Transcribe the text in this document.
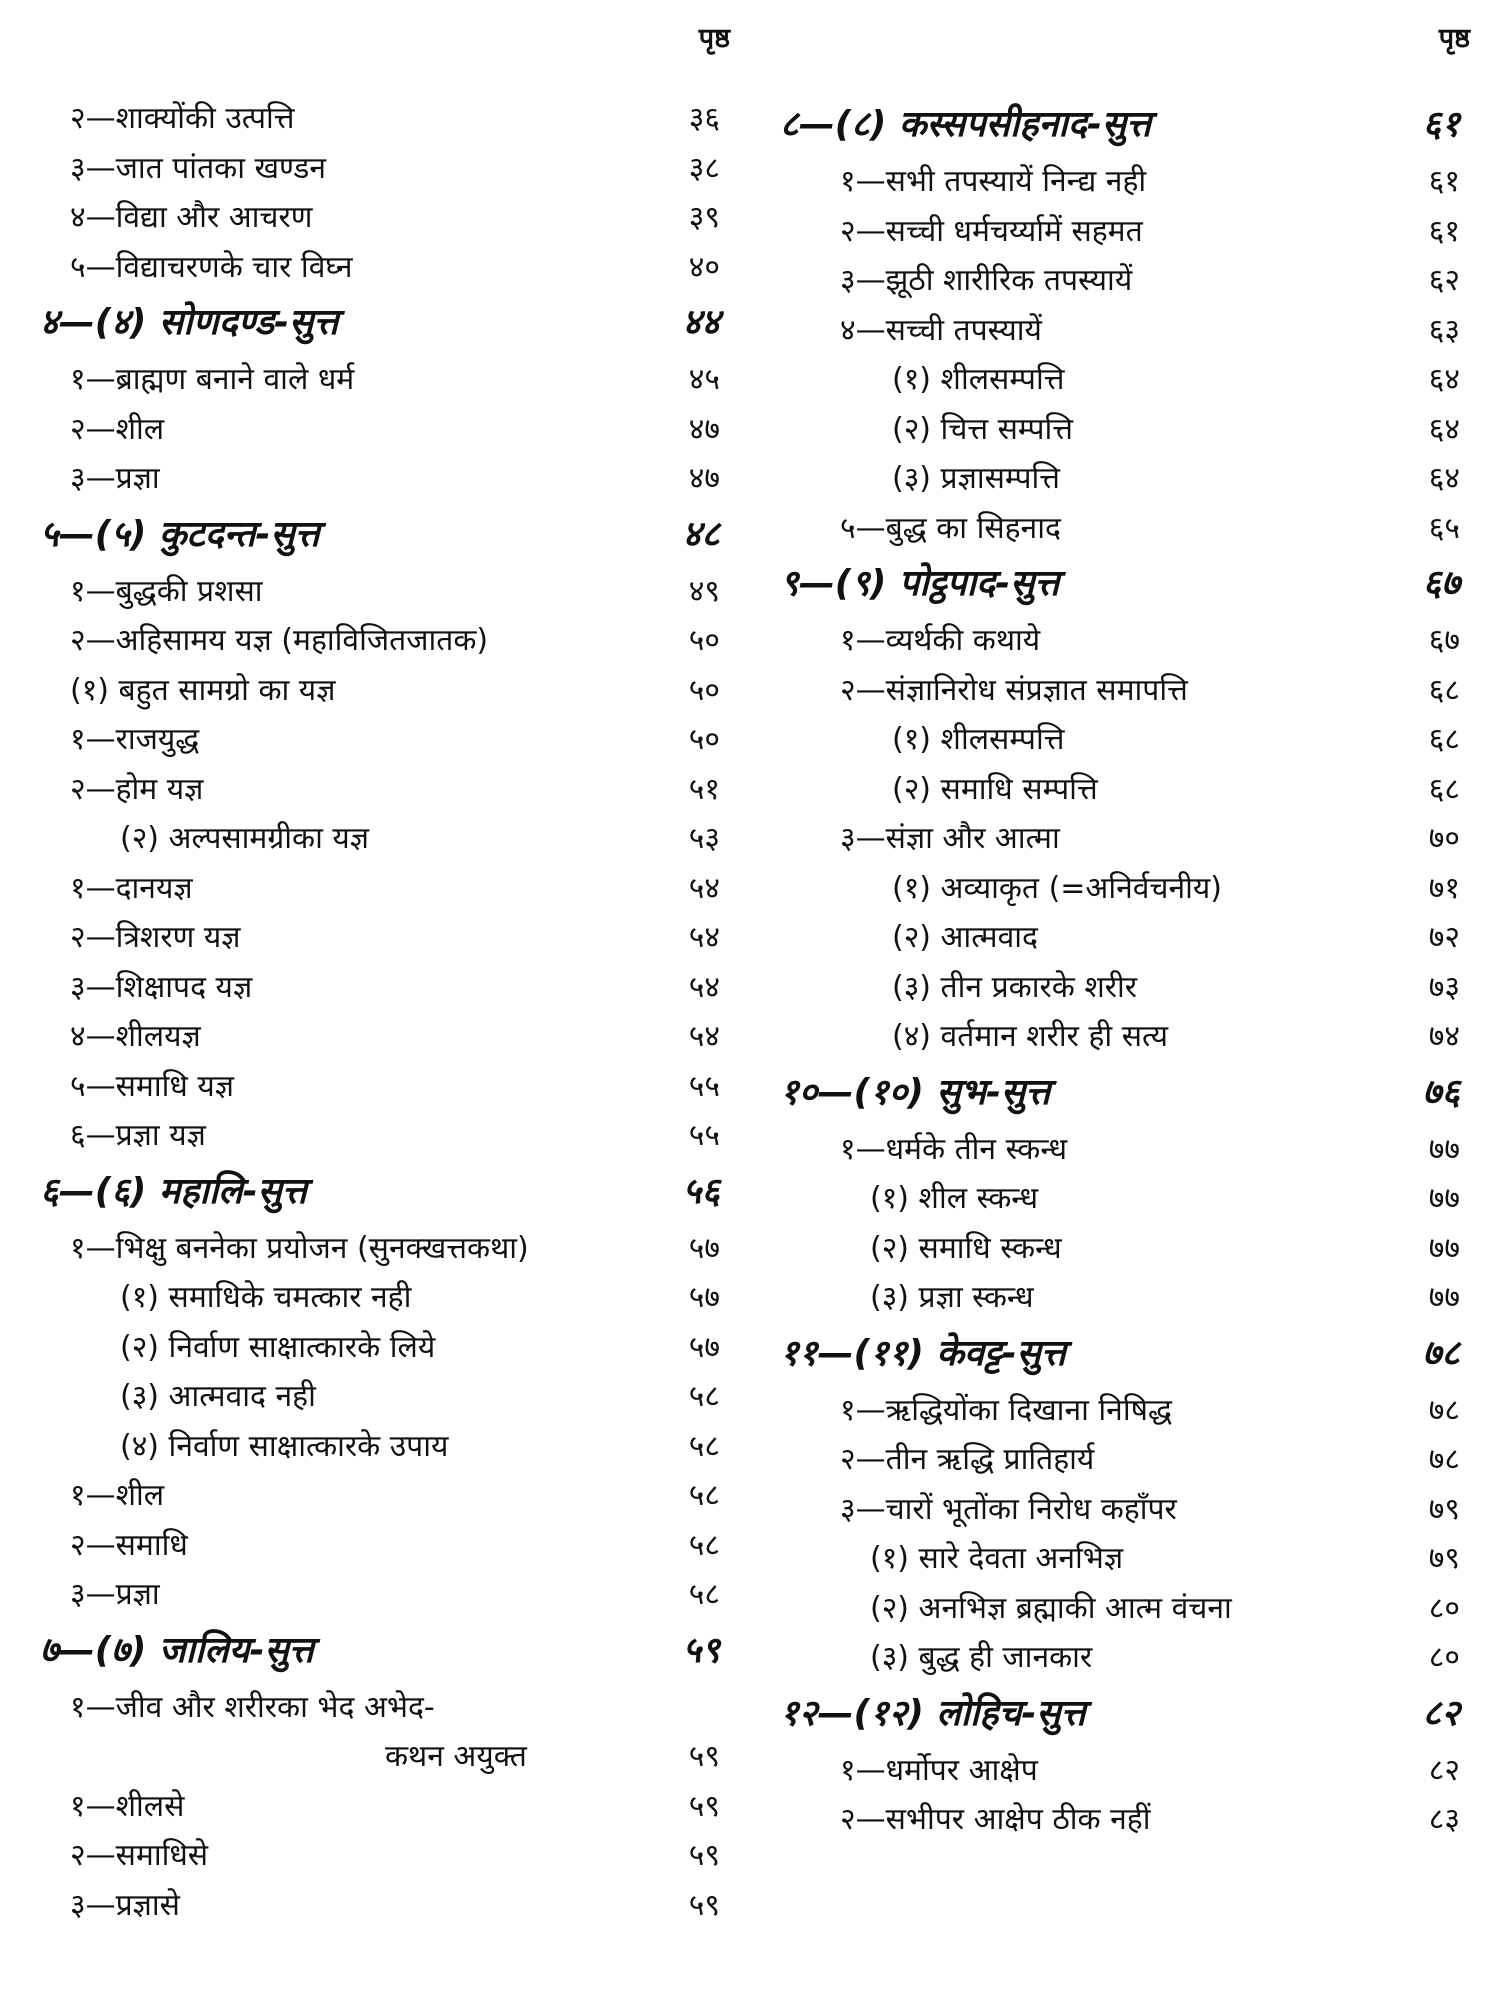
पृष्ठ
२—शाक्योंकी उत्पत्ति	३६
३—जात पांतका खण्डन	३८
४—विद्या और आचरण	३९
५—विद्याचरणके चार विघ्न	४०
४—(४) सोणदण्ड-सुत्त	४४
१—ब्राह्मण बनाने वाले धर्म	४५
२—शील	४७
३—प्रज्ञा	४७
५—(५) कुटदन्त-सुत्त	४८
१—बुद्धकी प्रशसा	४९
२—अहिसामय यज्ञ (महाविजितजातक)	५०
(१) बहुत सामग्रो का यज्ञ	५०
१—राजयुद्ध	५०
२—होम यज्ञ	५१
(२) अल्पसामग्रीका यज्ञ	५३
१—दानयज्ञ	५४
२—त्रिशरण यज्ञ	५४
३—शिक्षापद यज्ञ	५४
४—शीलयज्ञ	५४
५—समाधि यज्ञ	५५
६—प्रज्ञा यज्ञ	५५
६—(६) महालि-सुत्त	५६
१—भिक्षु बननेका प्रयोजन (सुनक्खत्तकथा)	५७
(१) समाधिके चमत्कार नही	५७
(२) निर्वाण साक्षात्कारके लिये	५७
(३) आत्मवाद नही	५८
(४) निर्वाण साक्षात्कारके उपाय	५८
१—शील	५८
२—समाधि	५८
३—प्रज्ञा	५८
७—(७) जालिय-सुत्त	५९
१—जीव और शरीरका भेद अभेद-
कथन अयुक्त	५९
१—शीलसे	५९
२—समाधिसे	५९
३—प्रज्ञासे	५९
पृष्ठ
८—(८) कस्सपसीहनाद-सुत्त	६१
१—सभी तपस्यायें निन्द्य नही	६१
२—सच्ची धर्मचर्य्यामें सहमत	६१
३—झूठी शारीरिक तपस्यायें	६२
४—सच्ची तपस्यायें	६३
(१) शीलसम्पत्ति	६४
(२) चित्त सम्पत्ति	६४
(३) प्रज्ञासम्पत्ति	६४
५—बुद्ध का सिहनाद	६५
९—(९) पोट्ठपाद-सुत्त	६७
१—व्यर्थकी कथाये	६७
२—संज्ञानिरोध संप्रज्ञात समापत्ति	६८
(१) शीलसम्पत्ति	६८
(२) समाधि सम्पत्ति	६८
३—संज्ञा और आत्मा	७०
(१) अव्याकृत (=अनिर्वचनीय)	७१
(२) आत्मवाद	७२
(३) तीन प्रकारके शरीर	७३
(४) वर्तमान शरीर ही सत्य	७४
१०—(१०) सुभ-सुत्त	७६
१—धर्मके तीन स्कन्ध	७७
(१) शील स्कन्ध	७७
(२) समाधि स्कन्ध	७७
(३) प्रज्ञा स्कन्ध	७७
११—(११) केवट्ट-सुत्त	७८
१—ऋद्धियोंका दिखाना निषिद्ध	७८
२—तीन ऋद्धि प्रातिहार्य	७८
३—चारों भूतोंका निरोध कहाँपर	७९
(१) सारे देवता अनभिज्ञ	७९
(२) अनभिज्ञ ब्रह्माकी आत्म वंचना	८०
(३) बुद्ध ही जानकार	८०
१२—(१२) लोहिच-सुत्त	८२
१—धर्मोपर आक्षेप	८२
२—सभीपर आक्षेप ठीक नहीं	८३
